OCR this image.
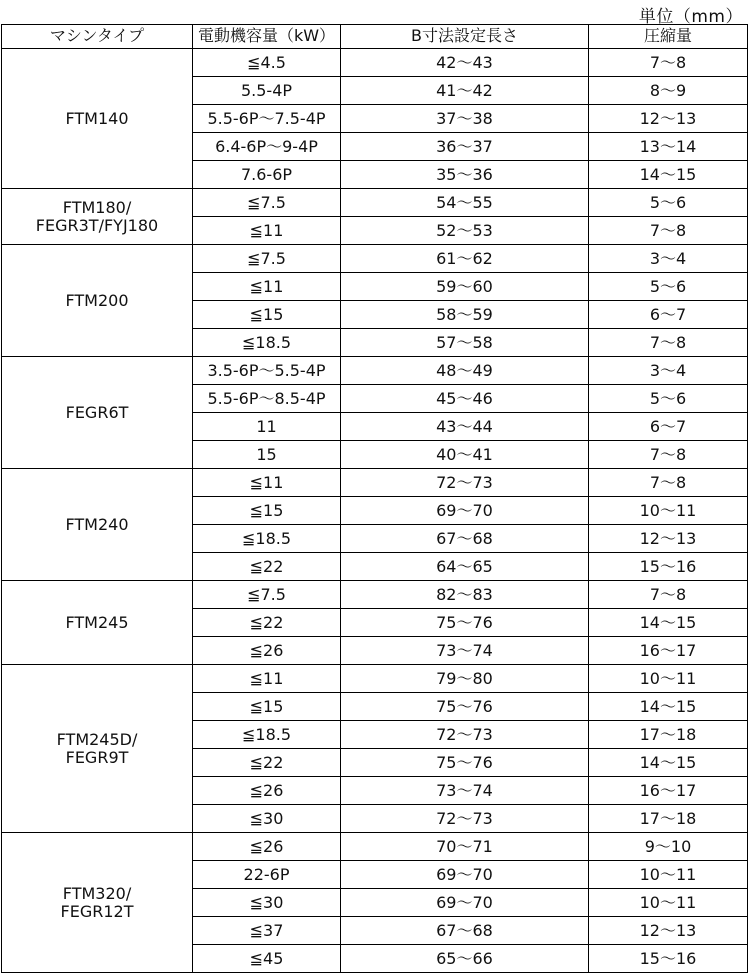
単位（mm）
マシンタイプ	電動機容量（kW）	B寸法設定長さ	圧縮量

FTM140	≦4.5	42〜43	7〜8
	5.5-4P	41〜42	8〜9
	5.5-6P〜7.5-4P	37〜38	12〜13
	6.4-6P〜9-4P	36〜37	13〜14
	7.6-6P	35〜36	14〜15

FTM180/
FEGR3T/FYJ180	≦7.5	54〜55	5〜6
	≦11	52〜53	7〜8

FTM200	≦7.5	61〜62	3〜4
	≦11	59〜60	5〜6
	≦15	58〜59	6〜7
	≦18.5	57〜58	7〜8

FEGR6T	3.5-6P〜5.5-4P	48〜49	3〜4
	5.5-6P〜8.5-4P	45〜46	5〜6
	11	43〜44	6〜7
	15	40〜41	7〜8

FTM240	≦11	72〜73	7〜8
	≦15	69〜70	10〜11
	≦18.5	67〜68	12〜13
	≦22	64〜65	15〜16

FTM245	≦7.5	82〜83	7〜8
	≦22	75〜76	14〜15
	≦26	73〜74	16〜17

FTM245D/
FEGR9T	≦11	79〜80	10〜11
	≦15	75〜76	14〜15
	≦18.5	72〜73	17〜18
	≦22	75〜76	14〜15
	≦26	73〜74	16〜17
	≦30	72〜73	17〜18

FTM320/
FEGR12T	≦26	70〜71	9〜10
	22-6P	69〜70	10〜11
	≦30	69〜70	10〜11
	≦37	67〜68	12〜13
	≦45	65〜66	15〜16
